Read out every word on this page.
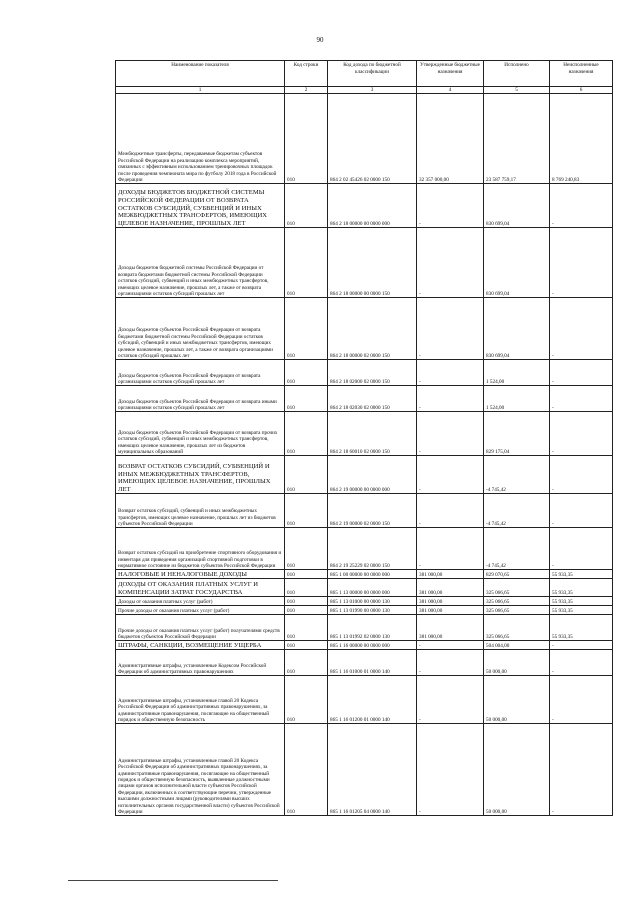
90
Наименование показателя	Код строки	Код дохода по бюджетной классификации	Утвержденные бюджетные назначения	Исполнено	Неисполненные назначения
1	2	3	4	5	6
Межбюджетные трансферты, передаваемые бюджетам субъектов Российской Федерации на реализацию комплекса мероприятий, связанных с эффективным использованием тренировочных площадок после проведения чемпионата мира по футболу 2018 года в Российской Федерации	010	864 2 02 45426 02 0000 150	32 357 000,00	23 587 759,17	8 769 240,83
ДОХОДЫ БЮДЖЕТОВ БЮДЖЕТНОЙ СИСТЕМЫ РОССИЙСКОЙ ФЕДЕРАЦИИ ОТ ВОЗВРАТА ОСТАТКОВ СУБСИДИЙ, СУБВЕНЦИЙ И ИНЫХ МЕЖБЮДЖЕТНЫХ ТРАНСФЕРТОВ, ИМЕЮЩИХ ЦЕЛЕВОЕ НАЗНАЧЕНИЕ, ПРОШЛЫХ ЛЕТ	010	864 2 18 00000 00 0000 000	-	830 699,04	-
Доходы бюджетов бюджетной системы Российской Федерации от возврата бюджетами бюджетной системы Российской Федерации остатков субсидий, субвенций и иных межбюджетных трансфертов, имеющих целевое назначение, прошлых лет, а также от возврата организациями остатков субсидий прошлых лет	010	864 2 18 00000 00 0000 150	-	830 699,04	-
Доходы бюджетов субъектов Российской Федерации от возврата бюджетами бюджетной системы Российской Федерации остатков субсидий, субвенций и иных межбюджетных трансфертов, имеющих целевое назначение, прошлых лет, а также от возврата организациями остатков субсидий прошлых лет	010	864 2 18 00000 02 0000 150	-	830 699,04	-
Доходы бюджетов субъектов Российской Федерации от возврата организациями остатков субсидий прошлых лет	010	864 2 18 02000 02 0000 150	-	1 524,00	-
Доходы бюджетов субъектов Российской Федерации от возврата иными организациями остатков субсидий прошлых лет	010	864 2 18 02030 02 0000 150	-	1 524,00	-
Доходы бюджетов субъектов Российской Федерации от возврата прочих остатков субсидий, субвенций и иных межбюджетных трансфертов, имеющих целевое назначение, прошлых лет из бюджетов муниципальных образований	010	864 2 18 60010 02 0000 150	-	829 175,04	-
ВОЗВРАТ ОСТАТКОВ СУБСИДИЙ, СУБВЕНЦИЙ И ИНЫХ МЕЖБЮДЖЕТНЫХ ТРАНСФЕРТОВ, ИМЕЮЩИХ ЦЕЛЕВОЕ НАЗНАЧЕНИЕ, ПРОШЛЫХ ЛЕТ	010	864 2 19 00000 00 0000 000	-	-4 745,42	-
Возврат остатков субсидий, субвенций и иных межбюджетных трансфертов, имеющих целевое назначение, прошлых лет из бюджетов субъектов Российской Федерации	010	864 2 19 00000 02 0000 150	-	-4 745,42	-
Возврат остатков субсидий на приобретение спортивного оборудования и инвентаря для приведения организаций спортивной подготовки в нормативное состояние из бюджетов субъектов Российской Федерации	010	864 2 19 25229 02 0000 150	-	-4 745,42	-
НАЛОГОВЫЕ И НЕНАЛОГОВЫЕ ДОХОДЫ	010	865 1 00 00000 00 0000 000	381 000,00	829 070,65	55 933,35
ДОХОДЫ ОТ ОКАЗАНИЯ ПЛАТНЫХ УСЛУГ И КОМПЕНСАЦИИ ЗАТРАТ ГОСУДАРСТВА	010	865 1 13 00000 00 0000 000	381 000,00	325 066,65	55 933,35
Доходы от оказания платных услуг (работ)	010	865 1 13 01000 00 0000 130	381 000,00	325 066,65	55 933,35
Прочие доходы от оказания платных услуг (работ)	010	865 1 13 01990 00 0000 130	381 000,00	325 066,65	55 933,35
Прочие доходы от оказания платных услуг (работ) получателями средств бюджетов субъектов Российской Федерации	010	865 1 13 01992 02 0000 130	381 000,00	325 066,65	55 933,35
ШТРАФЫ, САНКЦИИ, ВОЗМЕЩЕНИЕ УЩЕРБА	010	865 1 16 00000 00 0000 000	-	504 004,00	-
Административные штрафы, установленные Кодексом Российской Федерации об административных правонарушениях	010	865 1 16 01000 01 0000 140	-	50 000,00	-
Административные штрафы, установленные главой 20 Кодекса Российской Федерации об административных правонарушениях, за административные правонарушения, посягающие на общественный порядок и общественную безопасность	010	865 1 16 01200 01 0000 140	-	50 000,00	-
Административные штрафы, установленные главой 20 Кодекса Российской Федерации об административных правонарушениях, за административные правонарушения, посягающие на общественный порядок и общественную безопасность, выявленные должностными лицами органов исполнительной власти субъектов Российской Федерации, включенных в соответствующие перечни, утвержденные высшими должностными лицами (руководителями высших исполнительных органов государственной власти) субъектов Российской Федерации	010	865 1 16 01205 04 0000 140	-	50 000,00	-
